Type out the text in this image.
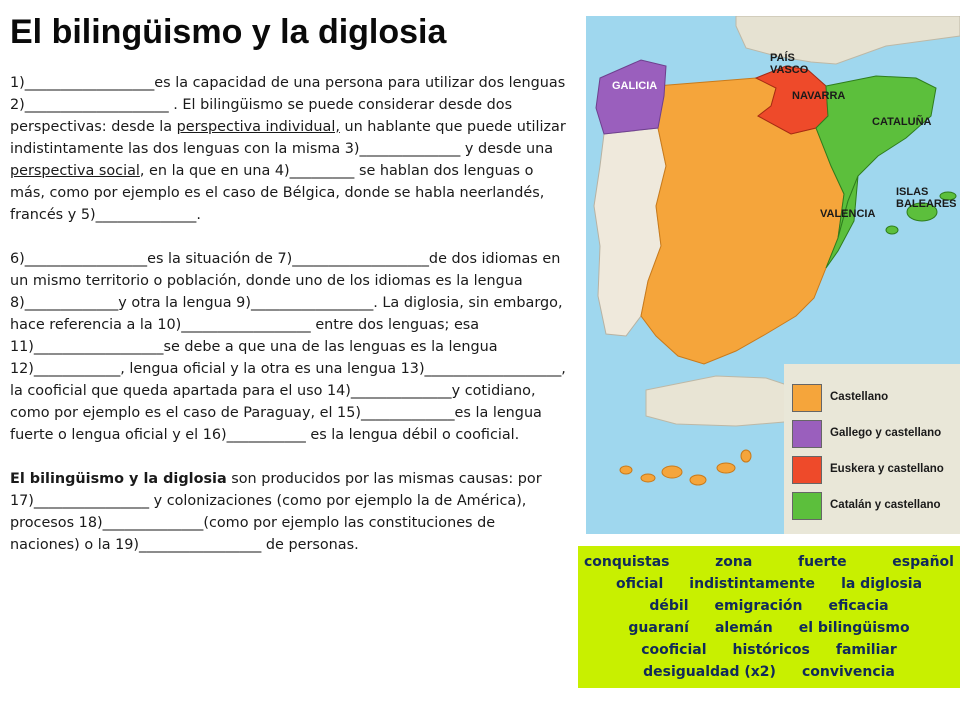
El bilingüismo y la diglosia

1)__________________es la capacidad de una persona para utilizar dos lenguas 2)____________________ . El bilingüismo se puede considerar desde dos perspectivas: desde la perspectiva individual, un hablante que puede utilizar indistintamente las dos lenguas con la misma 3)______________ y desde una perspectiva social, en la que en una 4)_________ se hablan dos lenguas o más, como por ejemplo es el caso de Bélgica, donde se habla neerlandés, francés y 5)______________.

6)_________________es la situación de 7)___________________de dos idiomas en un mismo territorio o población, donde uno de los idiomas es la lengua 8)_____________y otra la lengua 9)_________________. La diglosia, sin embargo, hace referencia a la 10)__________________ entre dos lenguas; esa 11)__________________se debe a que una de las lenguas es la lengua 12)____________, lengua oficial y la otra es una lengua 13)___________________, la cooficial que queda apartada para el uso 14)______________y cotidiano, como por ejemplo es el caso de Paraguay, el 15)_____________es la lengua fuerte o lengua oficial y el 16)___________ es la lengua débil o cooficial.

El bilingüismo y la diglosia son producidos por las mismas causas: por 17)________________ y colonizaciones (como por ejemplo la de América), procesos 18)______________(como por ejemplo las constituciones de naciones) o la 19)_________________ de personas.

GALICIA
PAÍS VASCO
NAVARRA
CATALUÑA
VALENCIA
ISLAS BALEARES
Castellano
Gallego y castellano
Euskera y castellano
Catalán y castellano
conquistas	zona	fuerte	español
oficial indistintamente la diglosia
débil emigración eficacia
guaraní alemán el bilingüismo
cooficial históricos familiar
desigualdad (x2) convivencia
